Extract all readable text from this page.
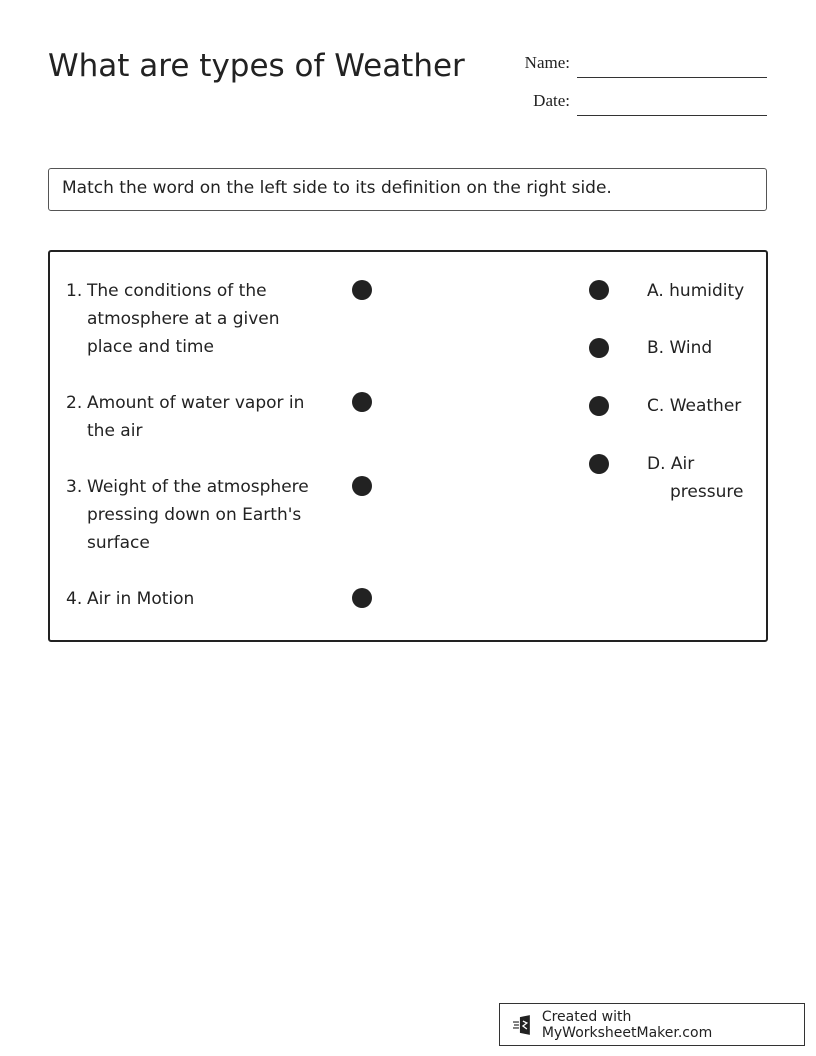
What are types of Weather	Name:
Date:
Match the word on the left side to its definition on the right side.
1. The conditions of the atmosphere at a given place and time
2. Amount of water vapor in the air
3. Weight of the atmosphere pressing down on Earth's surface
4. Air in Motion
A. humidity
B. Wind
C. Weather
D. Air
pressure
Created with MyWorksheetMaker.com
